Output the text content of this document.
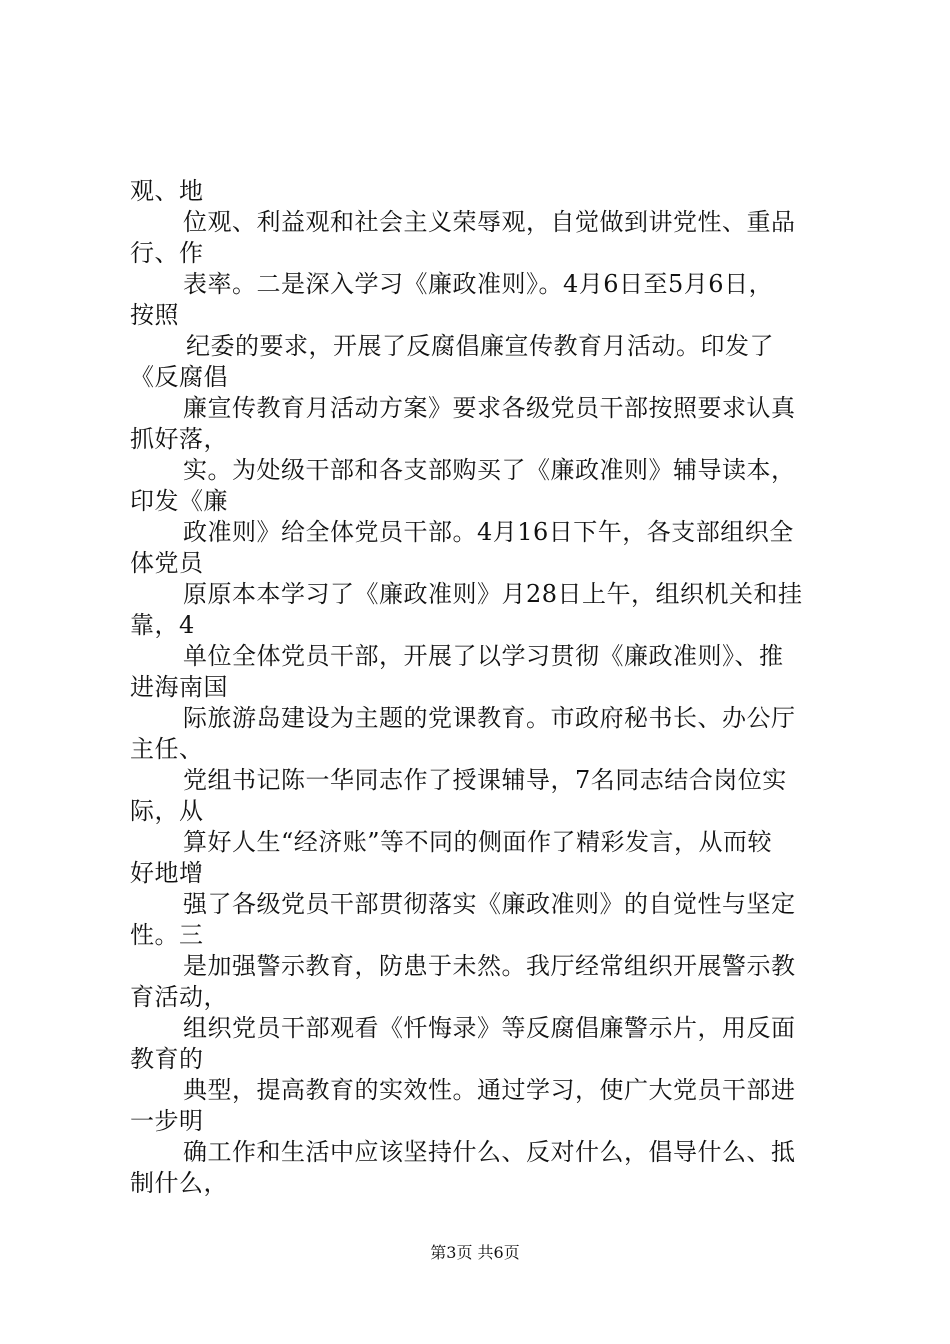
观、地
位观、利益观和社会主义荣辱观，自觉做到讲党性、重品
行、作
表率。二是深入学习《廉政准则》。4月6日至5月6日，
按照
纪委的要求，开展了反腐倡廉宣传教育月活动。印发了
《反腐倡
廉宣传教育月活动方案》要求各级党员干部按照要求认真
抓好落，
实。为处级干部和各支部购买了《廉政准则》辅导读本，
印发《廉
政准则》给全体党员干部。4月16日下午，各支部组织全
体党员
原原本本学习了《廉政准则》月28日上午，组织机关和挂
靠，4
单位全体党员干部，开展了以学习贯彻《廉政准则》、推
进海南国
际旅游岛建设为主题的党课教育。市政府秘书长、办公厅
主任、
党组书记陈一华同志作了授课辅导，7名同志结合岗位实
际，从
算好人生“经济账”等不同的侧面作了精彩发言，从而较
好地增
强了各级党员干部贯彻落实《廉政准则》的自觉性与坚定
性。三
是加强警示教育，防患于未然。我厅经常组织开展警示教
育活动，
组织党员干部观看《忏悔录》等反腐倡廉警示片，用反面
教育的
典型，提高教育的实效性。通过学习，使广大党员干部进
一步明
确工作和生活中应该坚持什么、反对什么，倡导什么、抵
制什么，
第3页 共6页
